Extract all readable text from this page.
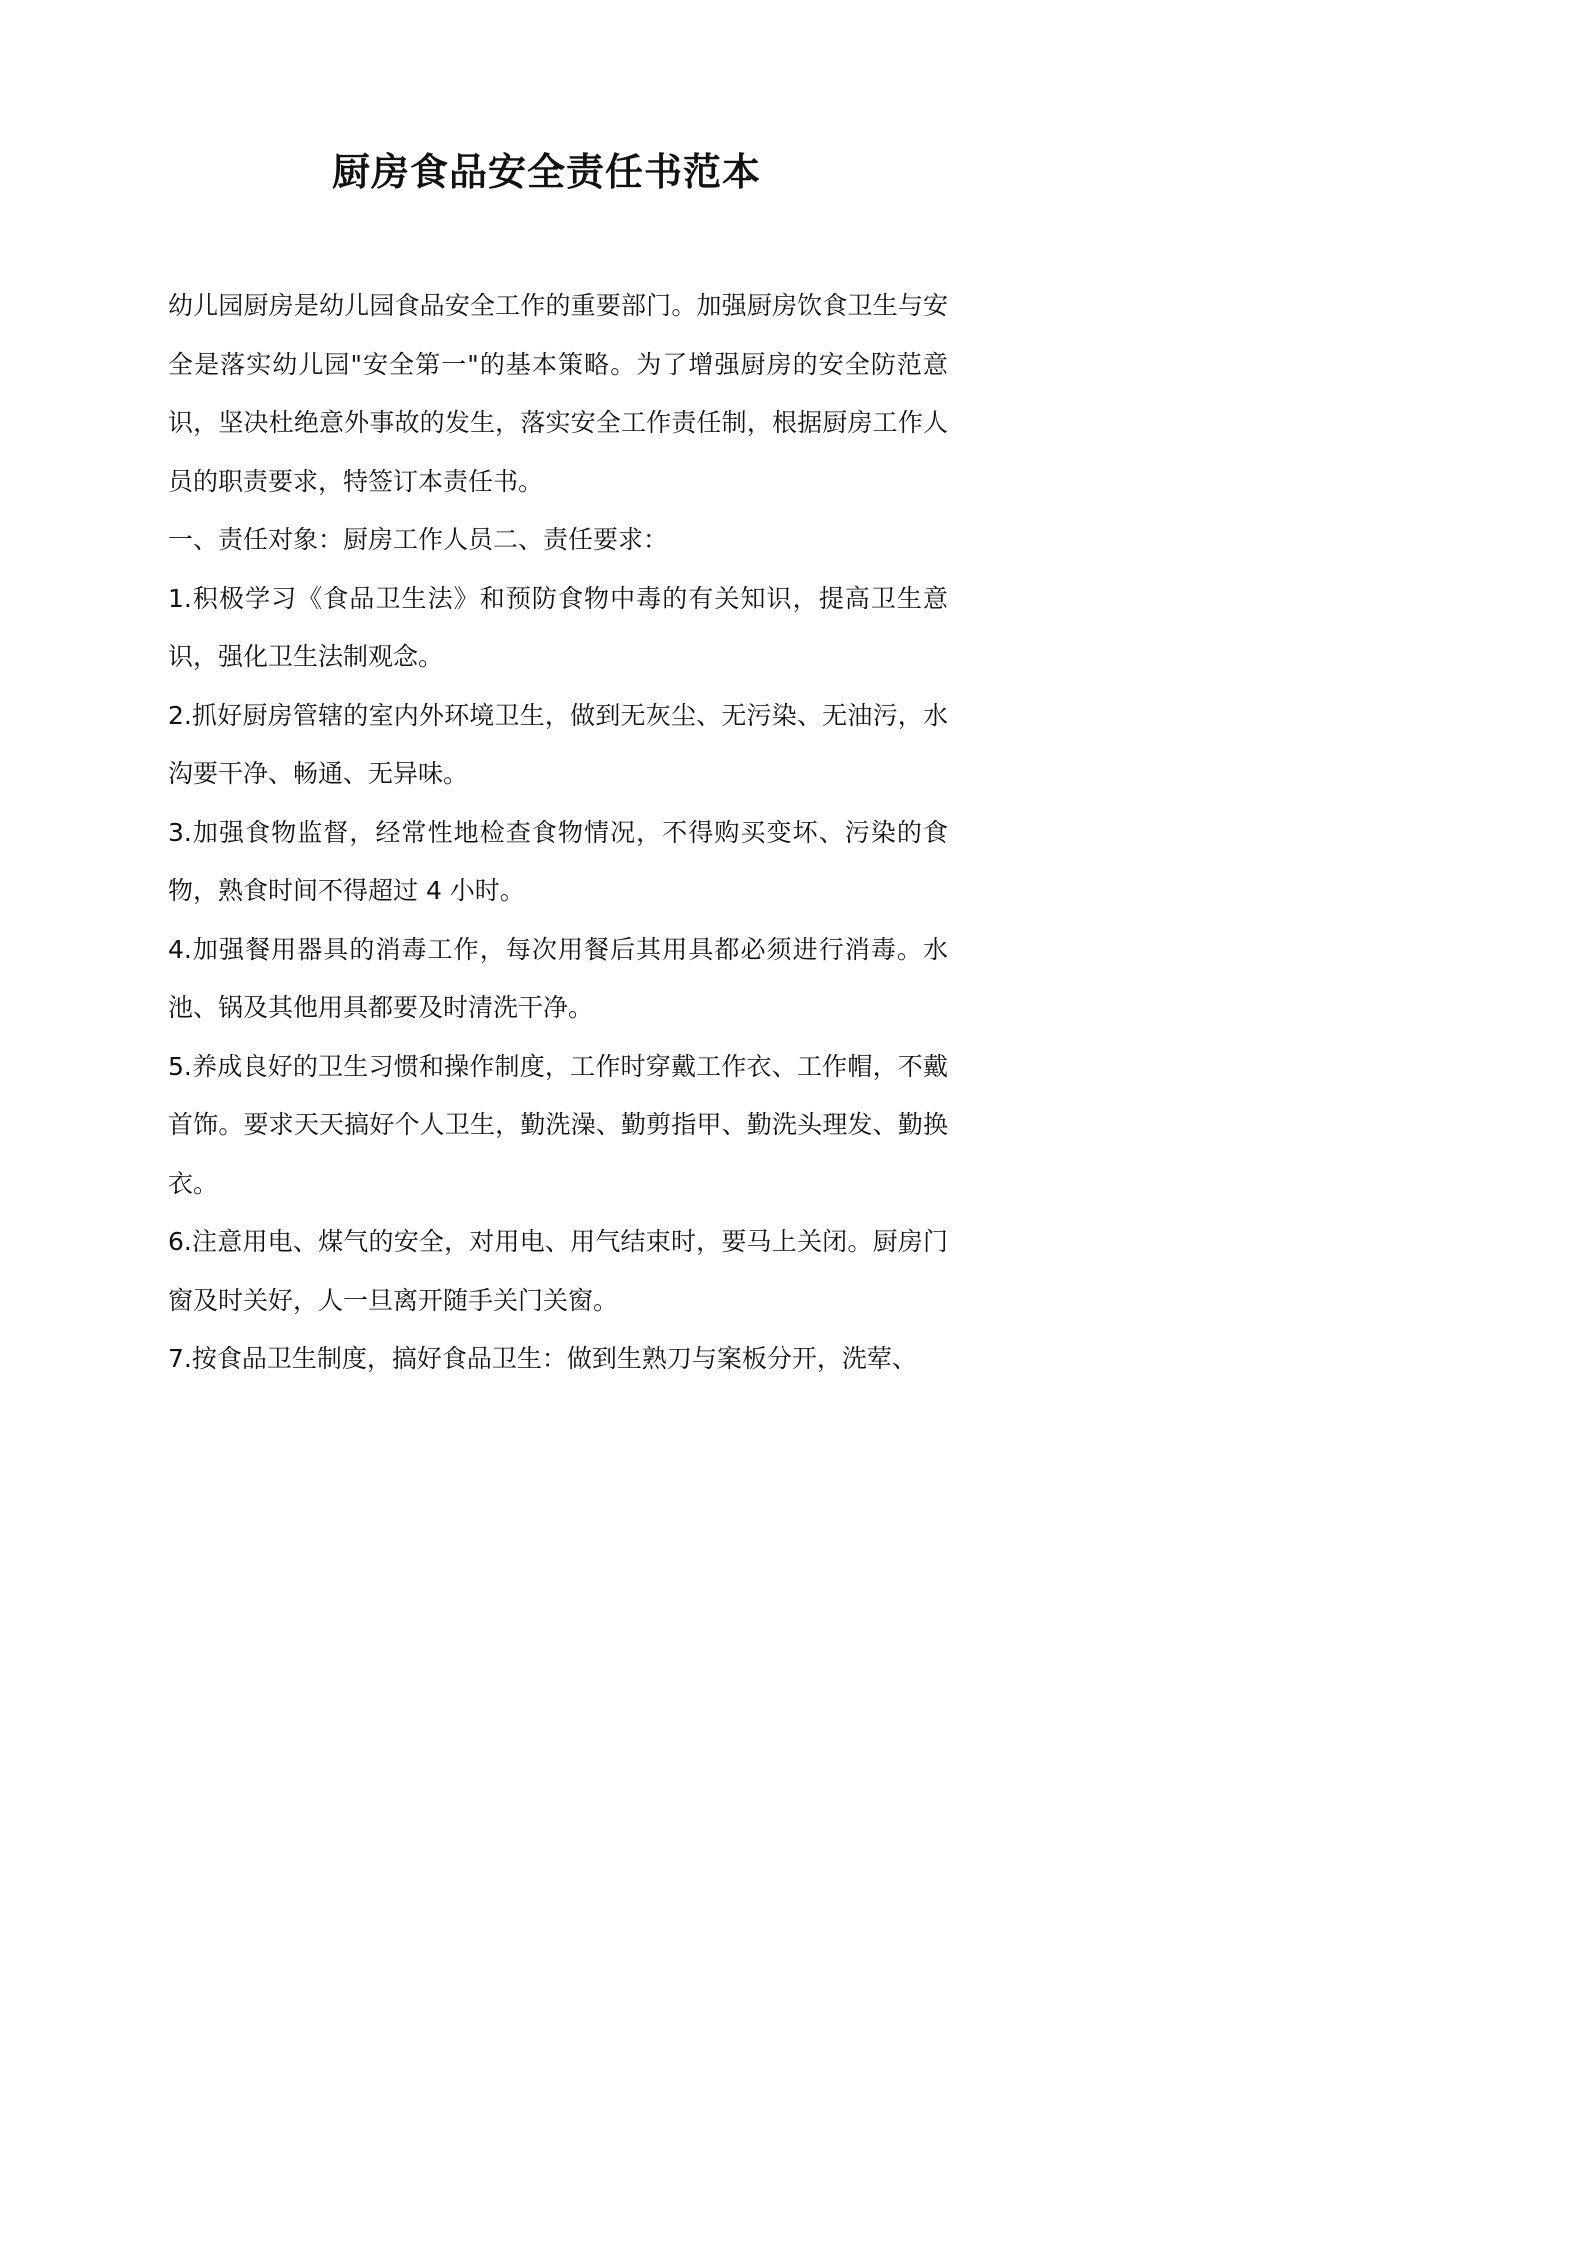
厨房食品安全责任书范本

幼儿园厨房是幼儿园食品安全工作的重要部门。加强厨房饮食卫生与安全是落实幼儿园"安全第一"的基本策略。为了增强厨房的安全防范意识，坚决杜绝意外事故的发生，落实安全工作责任制，根据厨房工作人员的职责要求，特签订本责任书。

一、责任对象：厨房工作人员二、责任要求：

1.积极学习《食品卫生法》和预防食物中毒的有关知识，提高卫生意识，强化卫生法制观念。

2.抓好厨房管辖的室内外环境卫生，做到无灰尘、无污染、无油污，水沟要干净、畅通、无异味。

3.加强食物监督，经常性地检查食物情况，不得购买变坏、污染的食物，熟食时间不得超过 4 小时。

4.加强餐用器具的消毒工作，每次用餐后其用具都必须进行消毒。水池、锅及其他用具都要及时清洗干净。

5.养成良好的卫生习惯和操作制度，工作时穿戴工作衣、工作帽，不戴首饰。要求天天搞好个人卫生，勤洗澡、勤剪指甲、勤洗头理发、勤换衣。

6.注意用电、煤气的安全，对用电、用气结束时，要马上关闭。厨房门窗及时关好，人一旦离开随手关门关窗。

7.按食品卫生制度，搞好食品卫生：做到生熟刀与案板分开，洗荤、
